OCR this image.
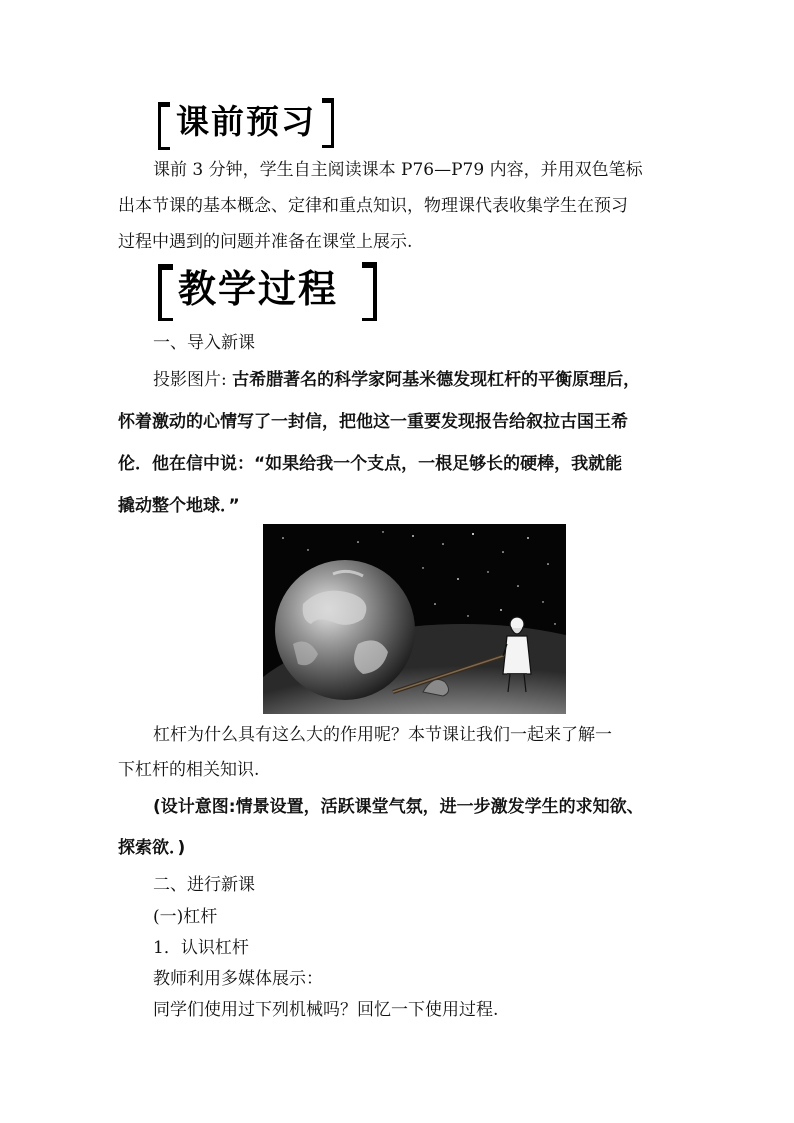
课前预习
课前 3 分钟，学生自主阅读课本 P76—P79 内容，并用双色笔标
出本节课的基本概念、定律和重点知识，物理课代表收集学生在预习
过程中遇到的问题并准备在课堂上展示.
教学过程
一、导入新课
投影图片: 古希腊著名的科学家阿基米德发现杠杆的平衡原理后，
怀着激动的心情写了一封信，把他这一重要发现报告给叙拉古国王希
伦．他在信中说：“如果给我一个支点，一根足够长的硬棒，我就能
撬动整个地球．”
杠杆为什么具有这么大的作用呢？本节课让我们一起来了解一
下杠杆的相关知识.
(设计意图:情景设置，活跃课堂气氛，进一步激发学生的求知欲、
探索欲．)
二、进行新课
(一)杠杆
1．认识杠杆
教师利用多媒体展示：
同学们使用过下列机械吗？回忆一下使用过程.
